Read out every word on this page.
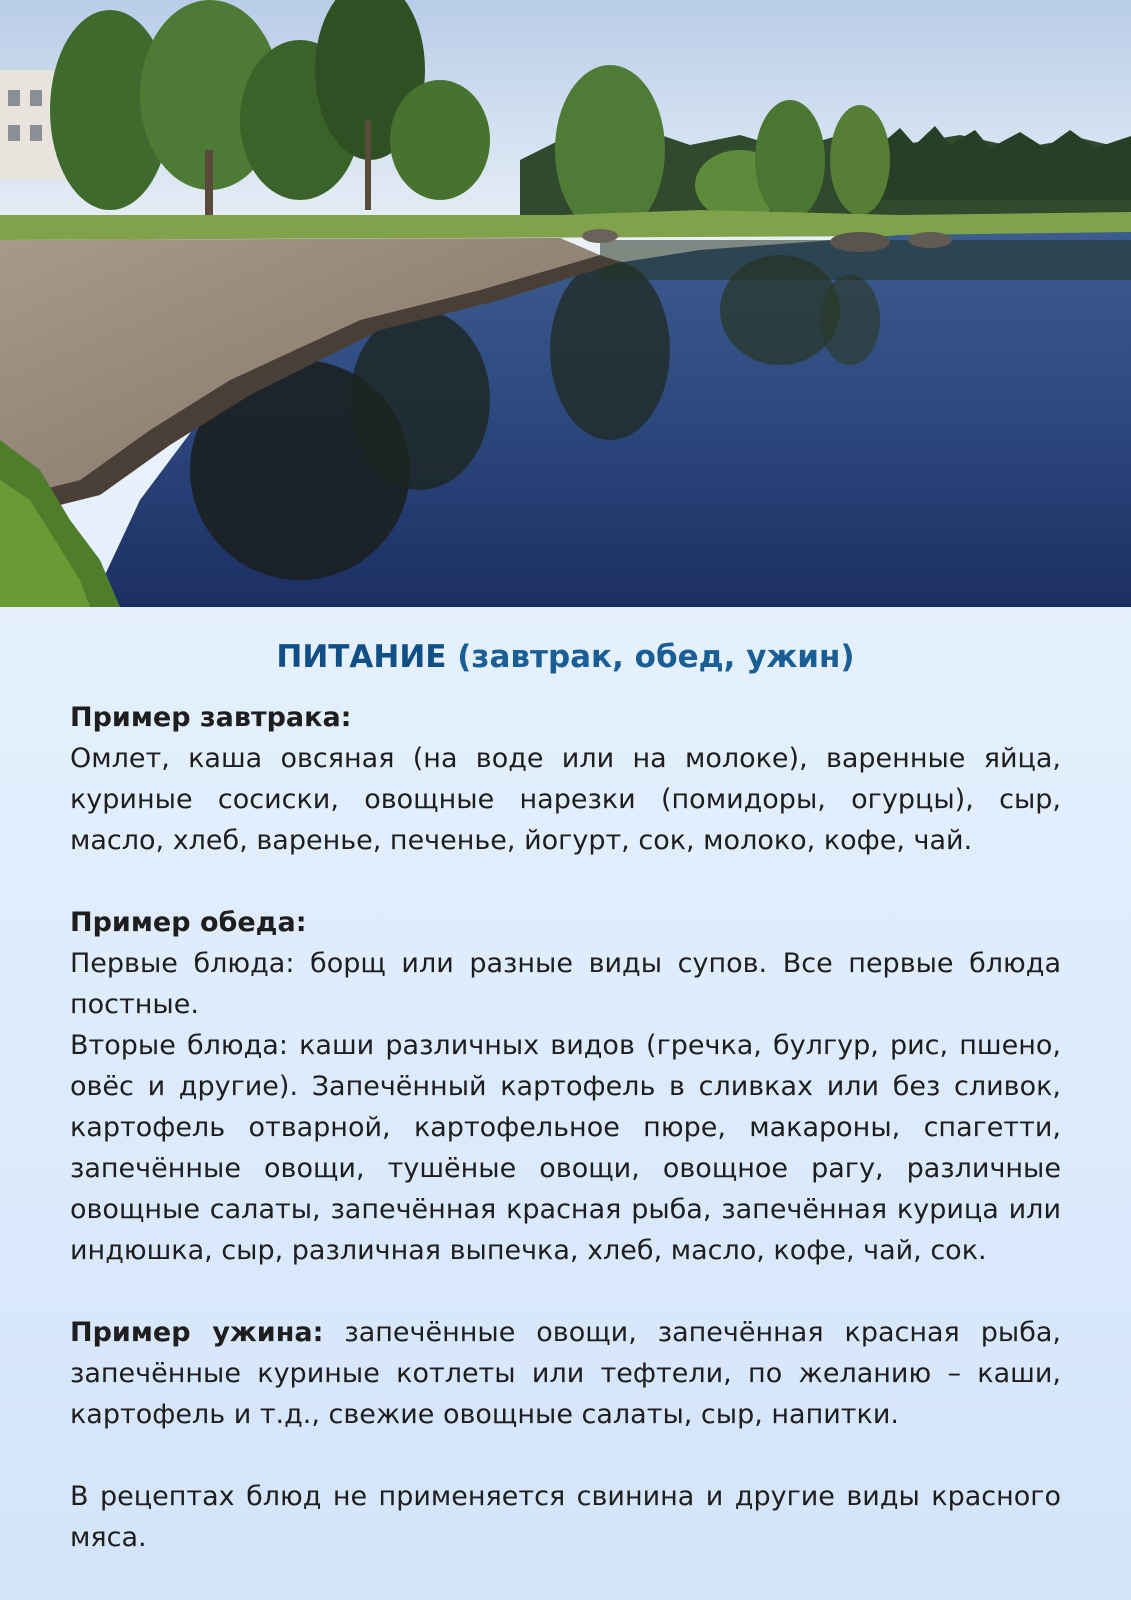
ПИТАНИЕ (завтрак, обед, ужин)

Пример завтрака:

Омлет, каша овсяная (на воде или на молоке), варенные яйца, куриные сосиски, овощные нарезки (помидоры, огурцы), сыр, масло, хлеб, варенье, печенье, йогурт, сок, молоко, кофе, чай.

Пример обеда:

Первые блюда: борщ или разные виды супов. Все первые блюда постные.

Вторые блюда: каши различных видов (гречка, булгур, рис, пшено, овёс и другие). Запечённый картофель в сливках или без сливок, картофель отварной, картофельное пюре, макароны, спагетти, запечённые овощи, тушёные овощи, овощное рагу, различные овощные салаты, запечённая красная рыба, запечённая курица или индюшка, сыр, различная выпечка, хлеб, масло, кофе, чай, сок.

Пример ужина: запечённые овощи, запечённая красная рыба, запечённые куриные котлеты или тефтели, по желанию – каши, картофель и т.д., свежие овощные салаты, сыр, напитки.

В рецептах блюд не применяется свинина и другие виды красного мяса.
